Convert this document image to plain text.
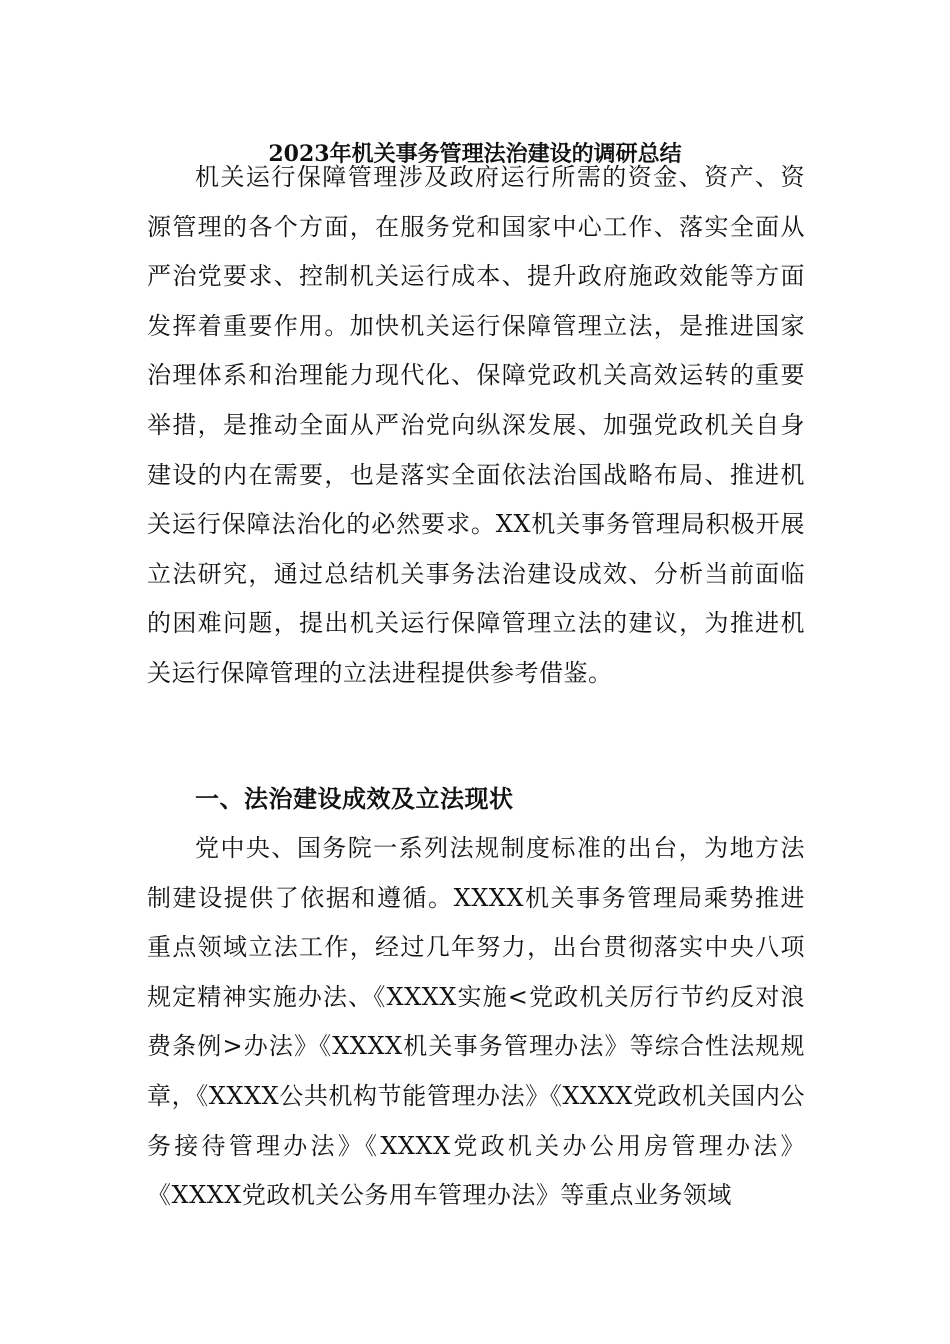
2023年机关事务管理法治建设的调研总结

机关运行保障管理涉及政府运行所需的资金、资产、资源管理的各个方面，在服务党和国家中心工作、落实全面从严治党要求、控制机关运行成本、提升政府施政效能等方面发挥着重要作用。加快机关运行保障管理立法，是推进国家治理体系和治理能力现代化、保障党政机关高效运转的重要举措，是推动全面从严治党向纵深发展、加强党政机关自身建设的内在需要，也是落实全面依法治国战略布局、推进机关运行保障法治化的必然要求。XX机关事务管理局积极开展立法研究，通过总结机关事务法治建设成效、分析当前面临的困难问题，提出机关运行保障管理立法的建议，为推进机关运行保障管理的立法进程提供参考借鉴。

一、法治建设成效及立法现状

党中央、国务院一系列法规制度标准的出台，为地方法制建设提供了依据和遵循。XXXX机关事务管理局乘势推进重点领域立法工作，经过几年努力，出台贯彻落实中央八项规定精神实施办法、《XXXX实施<党政机关厉行节约反对浪费条例>办法》《XXXX机关事务管理办法》等综合性法规规章，《XXXX公共机构节能管理办法》《XXXX党政机关国内公务接待管理办法》《XXXX党政机关办公用房管理办法》《XXXX党政机关公务用车管理办法》等重点业务领域
